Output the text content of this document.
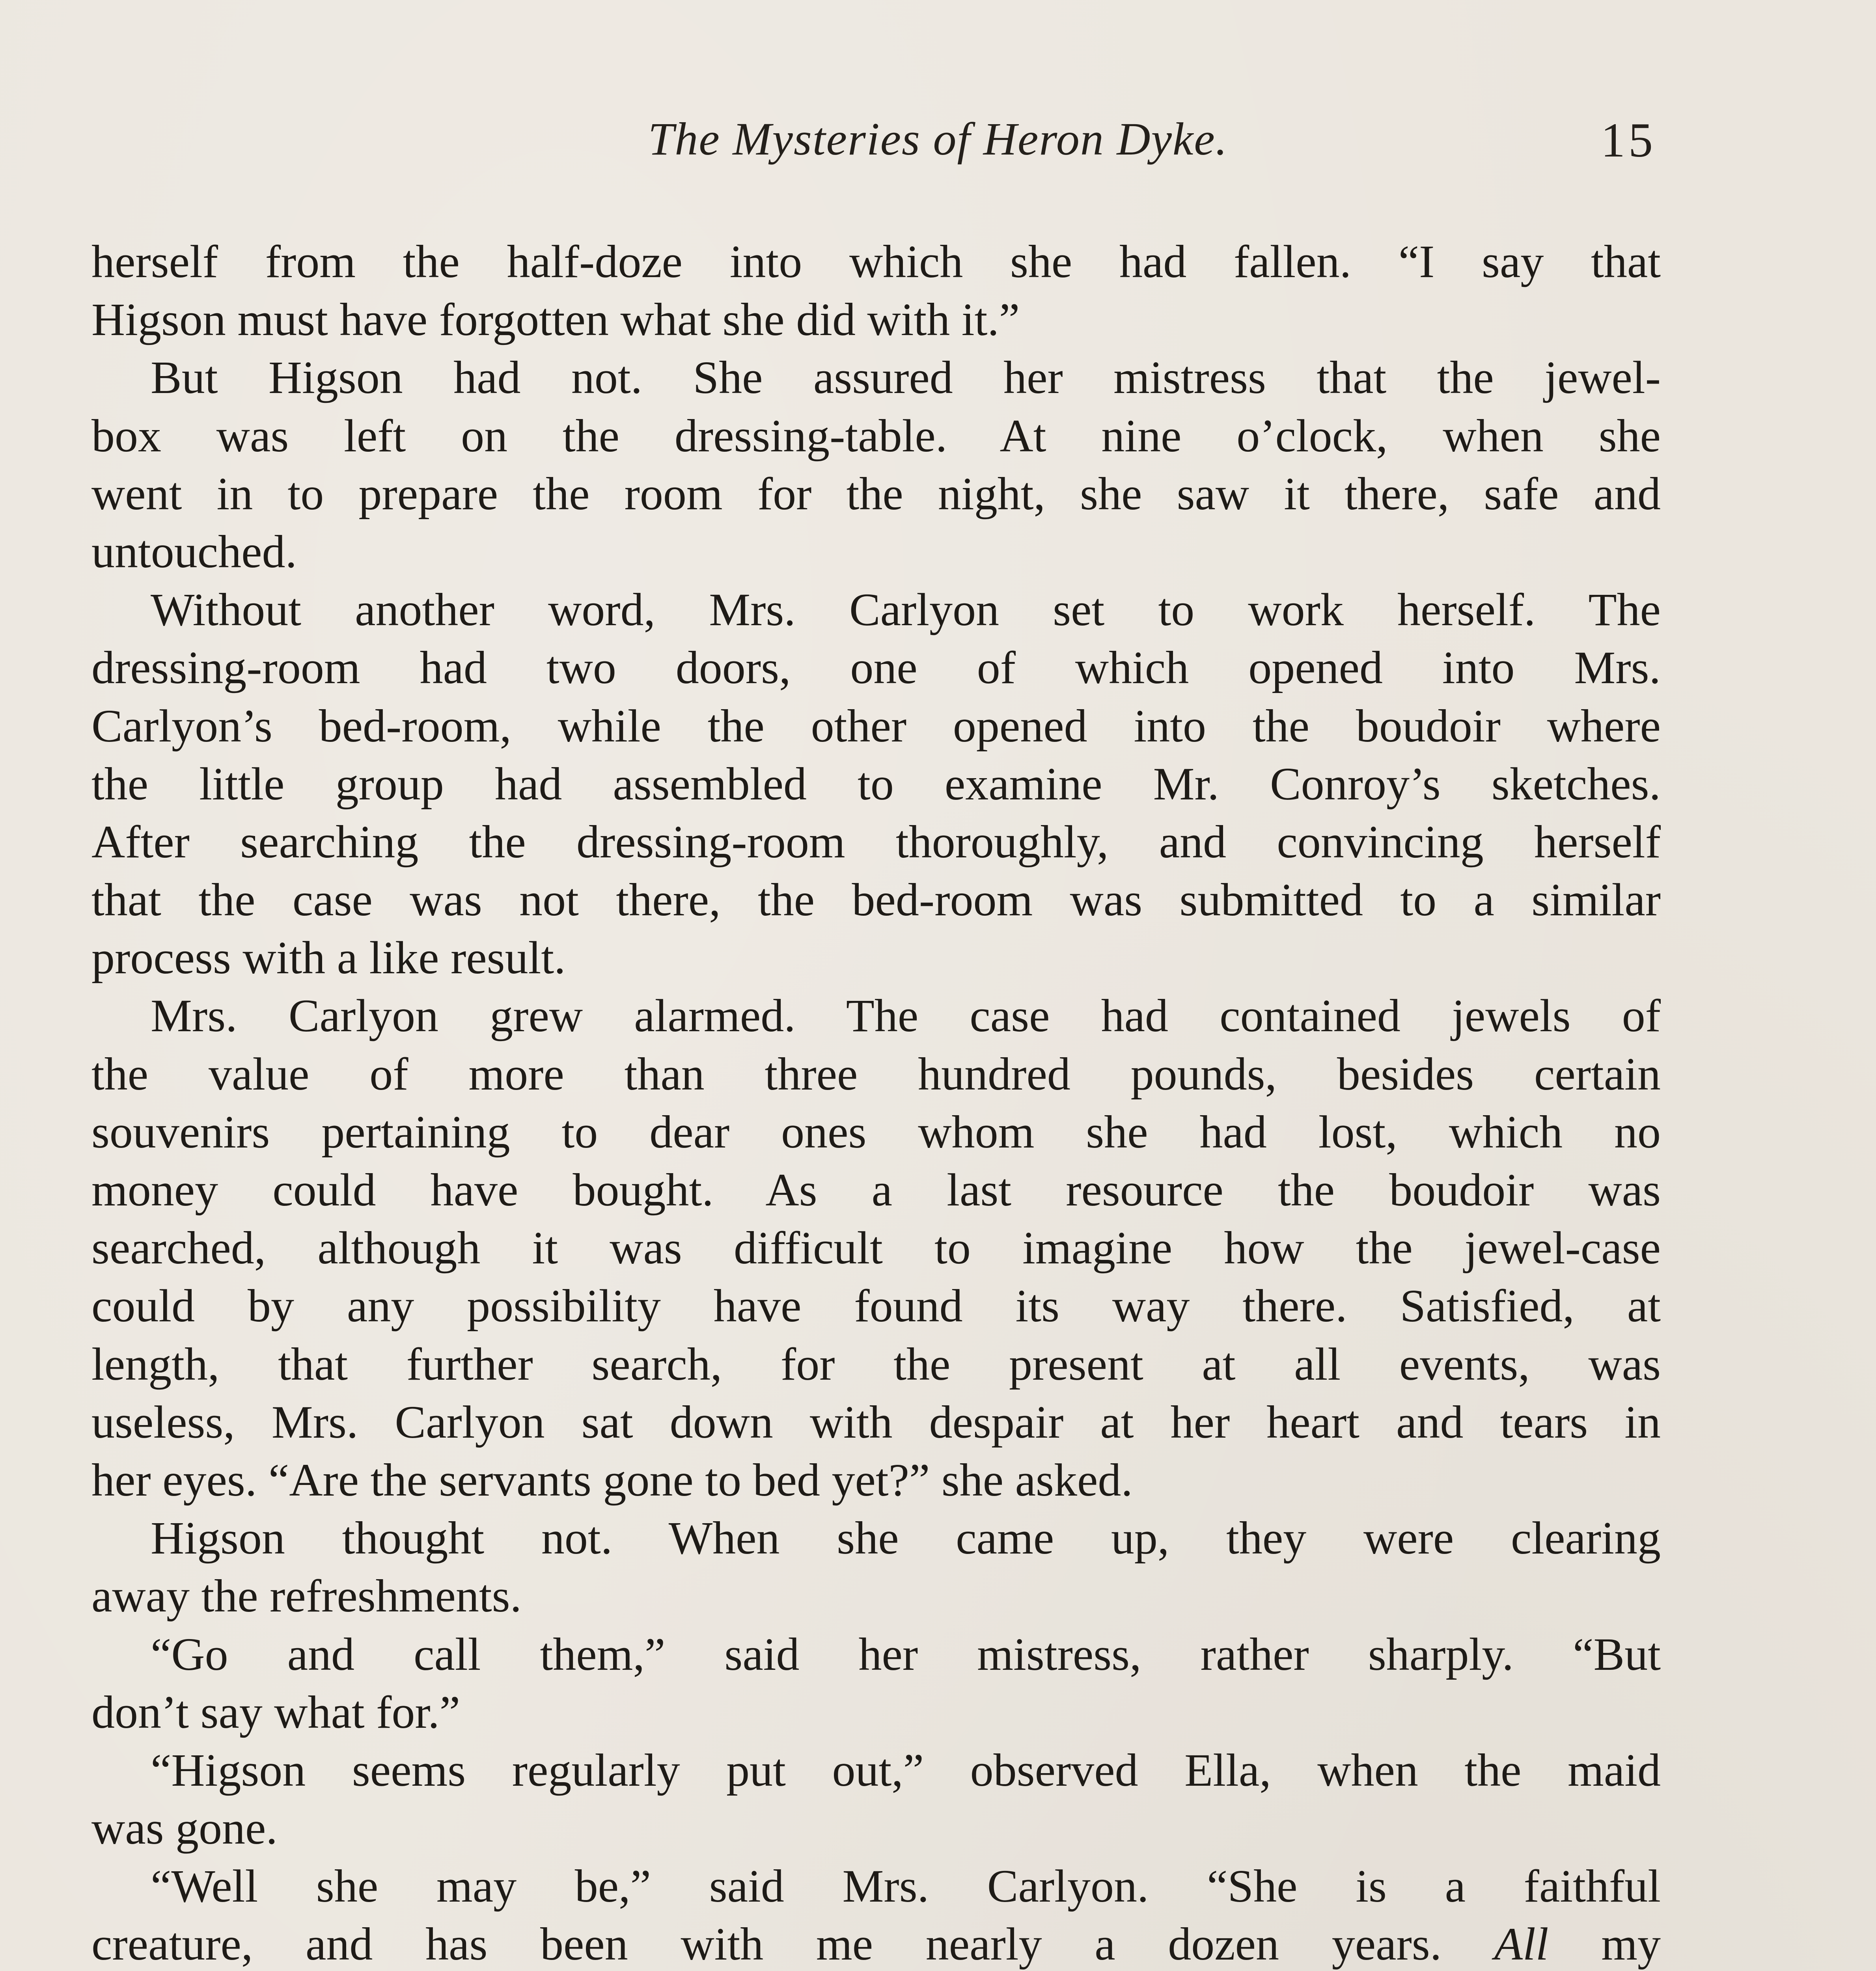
The Mysteries of Heron Dyke.	15
herself from the half-doze into which she had fallen. “I say that
Higson must have forgotten what she did with it.”
But Higson had not. She assured her mistress that the jewel-
box was left on the dressing-table. At nine o’clock, when she
went in to prepare the room for the night, she saw it there, safe and
untouched.
Without another word, Mrs. Carlyon set to work herself. The
dressing-room had two doors, one of which opened into Mrs.
Carlyon’s bed-room, while the other opened into the boudoir where
the little group had assembled to examine Mr. Conroy’s sketches.
After searching the dressing-room thoroughly, and convincing herself
that the case was not there, the bed-room was submitted to a similar
process with a like result.
Mrs. Carlyon grew alarmed. The case had contained jewels of
the value of more than three hundred pounds, besides certain
souvenirs pertaining to dear ones whom she had lost, which no
money could have bought. As a last resource the boudoir was
searched, although it was difficult to imagine how the jewel-case
could by any possibility have found its way there. Satisfied, at
length, that further search, for the present at all events, was
useless, Mrs. Carlyon sat down with despair at her heart and tears in
her eyes. “Are the servants gone to bed yet?” she asked.
Higson thought not. When she came up, they were clearing
away the refreshments.
“Go and call them,” said her mistress, rather sharply. “But
don’t say what for.”
“Higson seems regularly put out,” observed Ella, when the maid
was gone.
“Well she may be,” said Mrs. Carlyon. “She is a faithful
creature, and has been with me nearly a dozen years. All my
